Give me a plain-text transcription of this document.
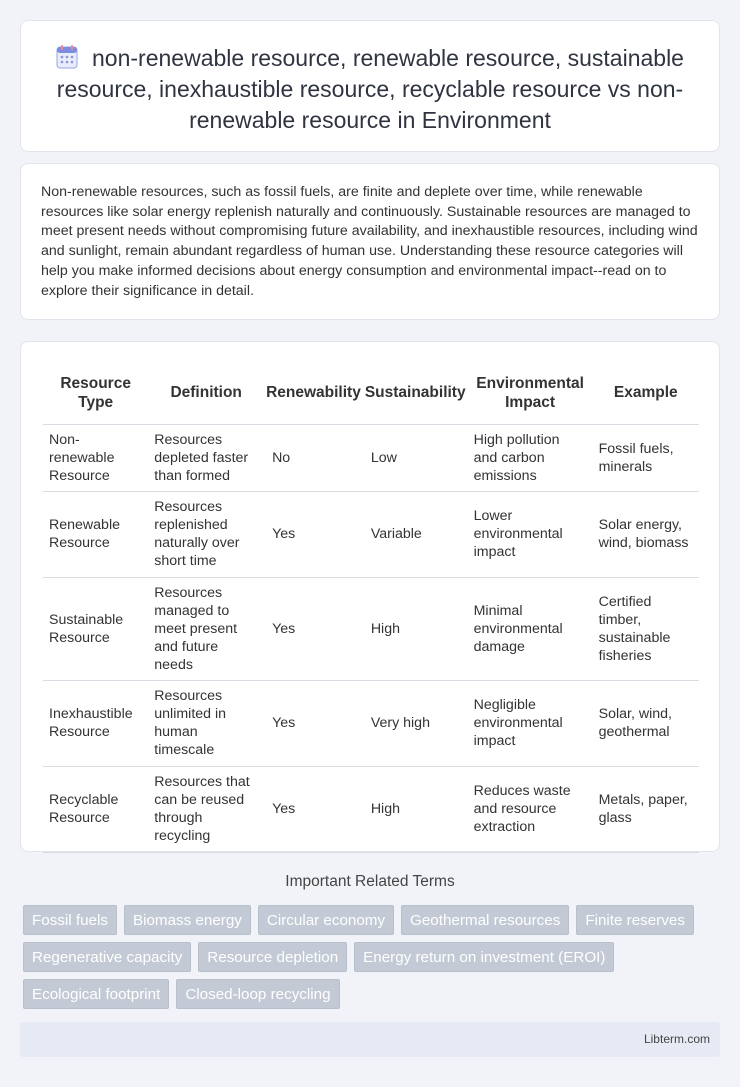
non-renewable resource, renewable resource, sustainable resource, inexhaustible resource, recyclable resource vs non-renewable resource in Environment

Non-renewable resources, such as fossil fuels, are finite and deplete over time, while renewable resources like solar energy replenish naturally and continuously. Sustainable resources are managed to meet present needs without compromising future availability, and inexhaustible resources, including wind and sunlight, remain abundant regardless of human use. Understanding these resource categories will help you make informed decisions about energy consumption and environmental impact--read on to explore their significance in detail.

Resource Type	Definition	Renewability	Sustainability	Environmental Impact	Example
Non-renewable Resource	Resources depleted faster than formed	No	Low	High pollution and carbon emissions	Fossil fuels, minerals
Renewable Resource	Resources replenished naturally over short time	Yes	Variable	Lower environmental impact	Solar energy, wind, biomass
Sustainable Resource	Resources managed to meet present and future needs	Yes	High	Minimal environmental damage	Certified timber, sustainable fisheries
Inexhaustible Resource	Resources unlimited in human timescale	Yes	Very high	Negligible environmental impact	Solar, wind, geothermal
Recyclable Resource	Resources that can be reused through recycling	Yes	High	Reduces waste and resource extraction	Metals, paper, glass
Important Related Terms
Fossil fuels	Biomass energy	Circular economy	Geothermal resources	Finite reserves
Regenerative capacity	Resource depletion	Energy return on investment (EROI)
Ecological footprint	Closed-loop recycling
Libterm.com
